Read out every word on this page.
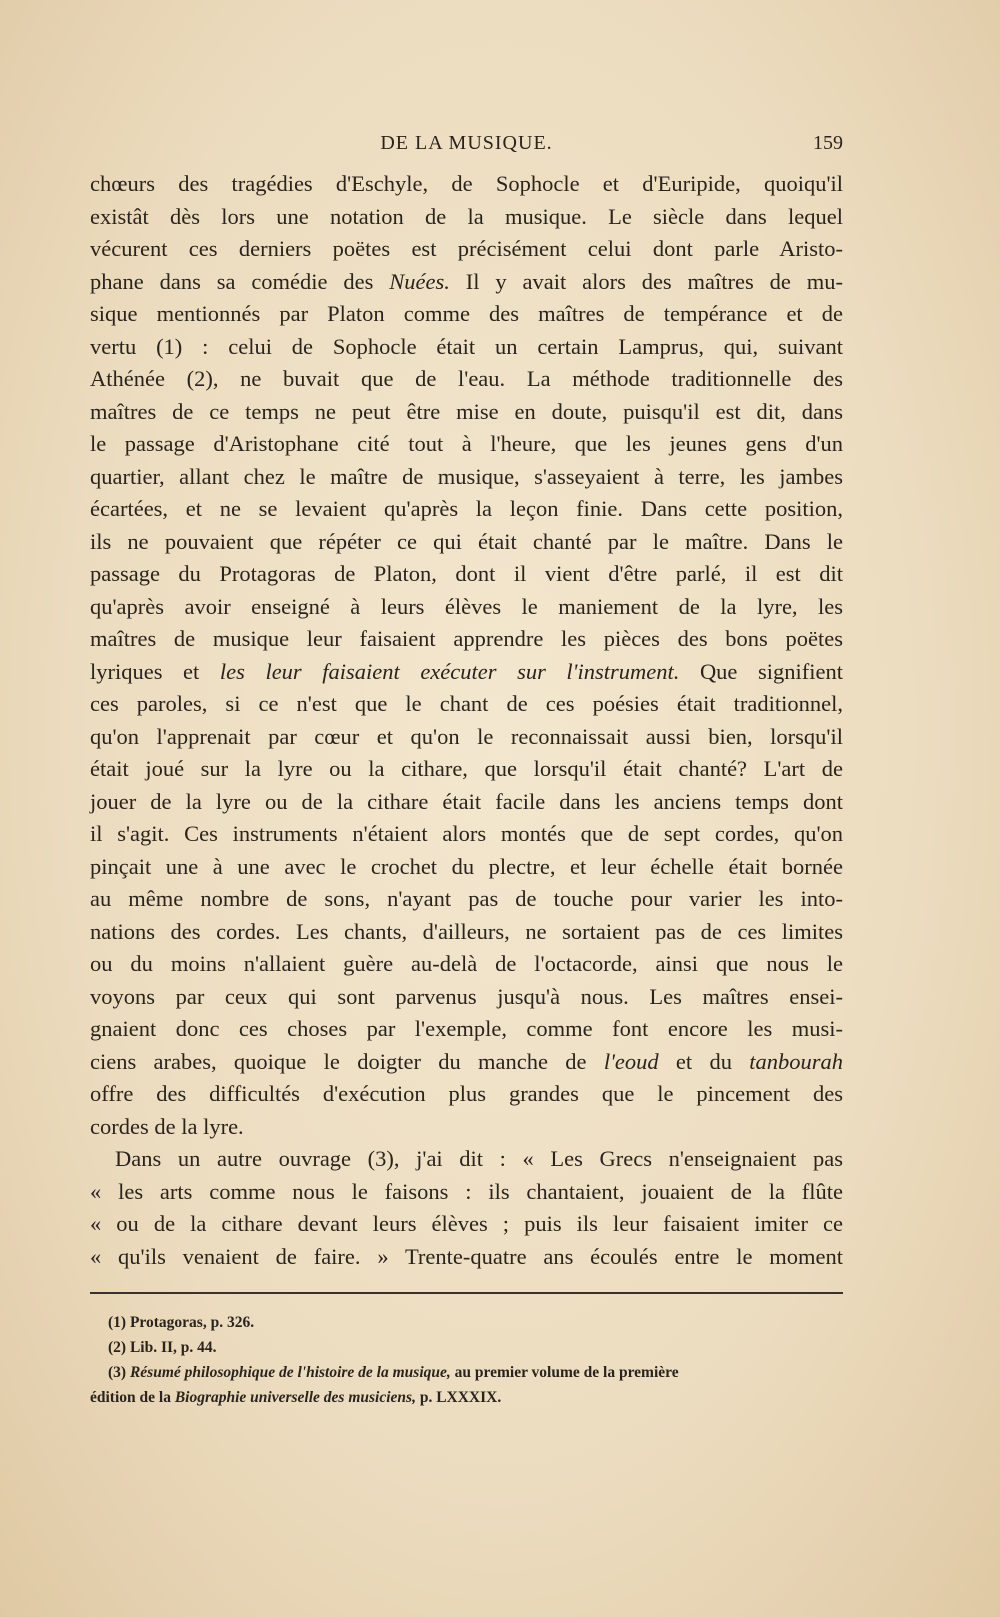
DE LA MUSIQUE.	159
chœurs des tragédies d'Eschyle, de Sophocle et d'Euripide, quoiqu'il
existât dès lors une notation de la musique. Le siècle dans lequel
vécurent ces derniers poëtes est précisément celui dont parle Aristo-
phane dans sa comédie des Nuées. Il y avait alors des maîtres de mu-
sique mentionnés par Platon comme des maîtres de tempérance et de
vertu (1) : celui de Sophocle était un certain Lamprus, qui, suivant
Athénée (2), ne buvait que de l'eau. La méthode traditionnelle des
maîtres de ce temps ne peut être mise en doute, puisqu'il est dit, dans
le passage d'Aristophane cité tout à l'heure, que les jeunes gens d'un
quartier, allant chez le maître de musique, s'asseyaient à terre, les jambes
écartées, et ne se levaient qu'après la leçon finie. Dans cette position,
ils ne pouvaient que répéter ce qui était chanté par le maître. Dans le
passage du Protagoras de Platon, dont il vient d'être parlé, il est dit
qu'après avoir enseigné à leurs élèves le maniement de la lyre, les
maîtres de musique leur faisaient apprendre les pièces des bons poëtes
lyriques et les leur faisaient exécuter sur l'instrument. Que signifient
ces paroles, si ce n'est que le chant de ces poésies était traditionnel,
qu'on l'apprenait par cœur et qu'on le reconnaissait aussi bien, lorsqu'il
était joué sur la lyre ou la cithare, que lorsqu'il était chanté? L'art de
jouer de la lyre ou de la cithare était facile dans les anciens temps dont
il s'agit. Ces instruments n'étaient alors montés que de sept cordes, qu'on
pinçait une à une avec le crochet du plectre, et leur échelle était bornée
au même nombre de sons, n'ayant pas de touche pour varier les into-
nations des cordes. Les chants, d'ailleurs, ne sortaient pas de ces limites
ou du moins n'allaient guère au-delà de l'octacorde, ainsi que nous le
voyons par ceux qui sont parvenus jusqu'à nous. Les maîtres ensei-
gnaient donc ces choses par l'exemple, comme font encore les musi-
ciens arabes, quoique le doigter du manche de l'eoud et du tanbourah
offre des difficultés d'exécution plus grandes que le pincement des
cordes de la lyre.
Dans un autre ouvrage (3), j'ai dit : « Les Grecs n'enseignaient pas
« les arts comme nous le faisons : ils chantaient, jouaient de la flûte
« ou de la cithare devant leurs élèves ; puis ils leur faisaient imiter ce
« qu'ils venaient de faire. » Trente-quatre ans écoulés entre le moment
(1) Protagoras, p. 326.
(2) Lib. II, p. 44.
(3) Résumé philosophique de l'histoire de la musique, au premier volume de la première
édition de la Biographie universelle des musiciens, p. LXXXIX.
